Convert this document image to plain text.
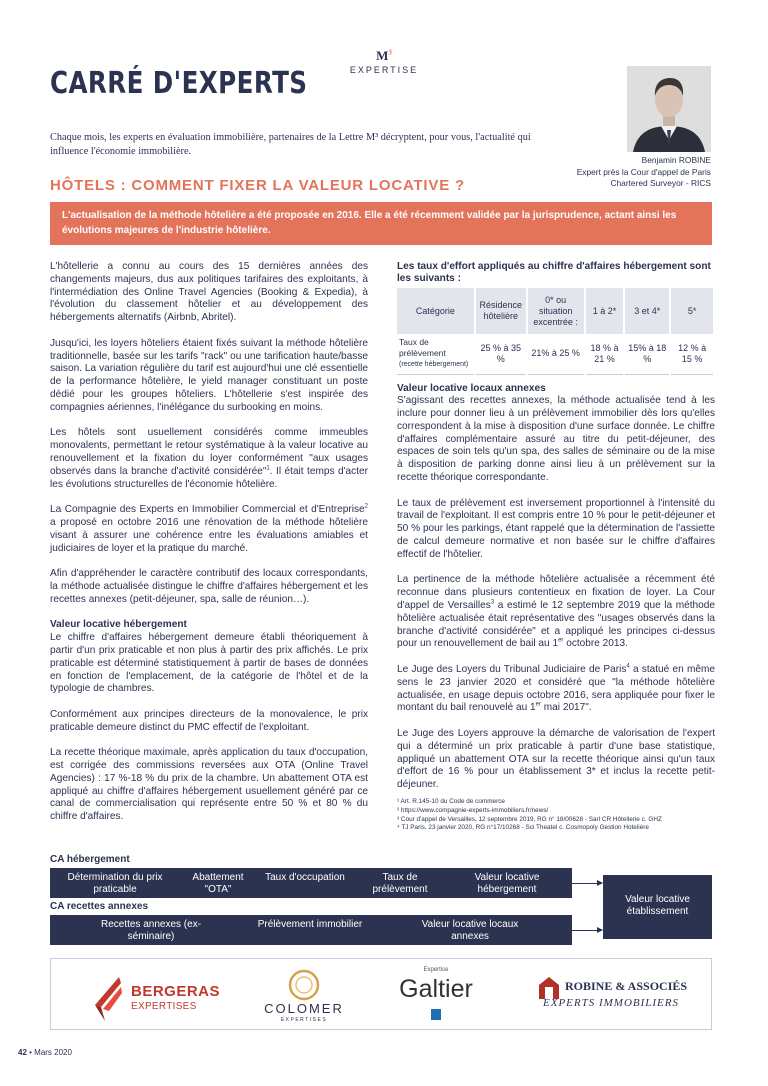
$M^3$
EXPERTISE
CARRÉ D'EXPERTS
Chaque mois, les experts en évaluation immobilière, partenaires de la Lettre M³ décryptent, pour vous, l'actualité qui influence l'économie immobilière.
Benjamin ROBINE
Expert près la Cour d'appel de Paris
Chartered Surveyor - RICS
HÔTELS : COMMENT FIXER LA VALEUR LOCATIVE ?
L'actualisation de la méthode hôtelière a été proposée en 2016. Elle a été récemment validée par la jurisprudence, actant ainsi les évolutions majeures de l'industrie hôtelière.

L'hôtellerie a connu au cours des 15 dernières années des changements majeurs, dus aux politiques tarifaires des exploitants, à l'intermédiation des Online Travel Agencies (Booking & Expedia), à l'évolution du classement hôtelier et au développement des hébergements alternatifs (Airbnb, Abritel).

Jusqu'ici, les loyers hôteliers étaient fixés suivant la méthode hôtelière traditionnelle, basée sur les tarifs "rack" ou une tarification haute/basse saison. La variation régulière du tarif est aujourd'hui une clé essentielle de la performance hôtelière, le yield manager constituant un poste dédié pour les groupes hôteliers. L'hôtellerie s'est inspirée des compagnies aériennes, l'inélégance du surbooking en moins.

Les hôtels sont usuellement considérés comme immeubles monovalents, permettant le retour systématique à la valeur locative au renouvellement et la fixation du loyer conformément "aux usages observés dans la branche d'activité considérée"$^1$. Il était temps d'acter les évolutions structurelles de l'économie hôtelière.

La Compagnie des Experts en Immobilier Commercial et d'Entreprise$^2$ a proposé en octobre 2016 une rénovation de la méthode hôtelière visant à assurer une cohérence entre les évaluations amiables et judiciaires de loyer et la pratique du marché.

Afin d'appréhender le caractère contributif des locaux correspondants, la méthode actualisée distingue le chiffre d'affaires hébergement et les recettes annexes (petit-déjeuner, spa, salle de réunion…).

Valeur locative hébergement

Le chiffre d'affaires hébergement demeure établi théoriquement à partir d'un prix praticable et non plus à partir des prix affichés. Le prix praticable est déterminé statistiquement à partir de bases de données en fonction de l'emplacement, de la catégorie de l'hôtel et de la typologie de chambres.

Conformément aux principes directeurs de la monovalence, le prix praticable demeure distinct du PMC effectif de l'exploitant.

La recette théorique maximale, après application du taux d'occupation, est corrigée des commissions reversées aux OTA (Online Travel Agencies) : 17 %-18 % du prix de la chambre. Un abattement OTA est appliqué au chiffre d'affaires hébergement usuellement généré par ce canal de commercialisation qui représente entre 50 % et 80 % du chiffre d'affaires.

Les taux d'effort appliqués au chiffre d'affaires hébergement sont les suivants :
Catégorie	Résidence hôtelière	0* ou situation excentrée :	1 à 2*	3 et 4*	5*
Taux de prélèvement (recette hébergement)	25 % à 35 %	21% à 25 %	18 % à 21 %	15% à 18 %	12 % à 15 %
Valeur locative locaux annexes

S'agissant des recettes annexes, la méthode actualisée tend à les inclure pour donner lieu à un prélèvement immobilier dès lors qu'elles correspondent à la mise à disposition d'une surface donnée. Le chiffre d'affaires complémentaire assuré au titre du petit-déjeuner, des espaces de soin tels qu'un spa, des salles de séminaire ou de la mise à disposition de parking donne ainsi lieu à un prélèvement sur la recette théorique correspondante.

Le taux de prélèvement est inversement proportionnel à l'intensité du travail de l'exploitant. Il est compris entre 10 % pour le petit-déjeuner et 50 % pour les parkings, étant rappelé que la détermination de l'assiette de calcul demeure normative et non basée sur le chiffre d'affaires effectif de l'hôtelier.

La pertinence de la méthode hôtelière actualisée a récemment été reconnue dans plusieurs contentieux en fixation de loyer. La Cour d'appel de Versailles$^3$ a estimé le 12 septembre 2019 que la méthode hôtelière actualisée était représentative des "usages observés dans la branche d'activité considérée" et a appliqué les principes ci-dessus pour un renouvellement de bail au 1er octobre 2013.

Le Juge des Loyers du Tribunal Judiciaire de Paris$^4$ a statué en même sens le 23 janvier 2020 et considéré que "la méthode hôtelière actualisée, en usage depuis octobre 2016, sera appliquée pour fixer le montant du bail renouvelé au 1er mai 2017".

Le Juge des Loyers approuve la démarche de valorisation de l'expert qui a déterminé un prix praticable à partir d'une base statistique, appliqué un abattement OTA sur la recette théorique ainsi qu'un taux d'effort de 16 % pour un établissement 3* et inclus la recette petit-déjeuner.

¹ Art. R.145-10 du Code de commerce
² https://www.compagnie-experts-immobiliers.fr/news/
³ Cour d'appel de Versailles, 12 septembre 2019, RG n° 18/00628 - Sarl CR Hôtellerie c. GHZ
⁴ TJ Paris, 23 janvier 2020, RG n°17/10268 - Sci Theatel c. Cosmopoly Gestion Hotelière
CA hébergement
Détermination du prix praticable
Abattement "OTA"
Taux d'occupation	Taux de prélèvement
Valeur locative hébergement
CA recettes annexes
Recettes annexes (ex-séminaire)
Prélèvement immobilier	Valeur locative locaux annexes
Valeur locative établissement
BERGERAS
EXPERTISES	COLOMER
EXPERTISES
Expertise
Galtier	ROBINE & ASSOCIÉS
EXPERTS IMMOBILIERS
42 • Mars 2020
